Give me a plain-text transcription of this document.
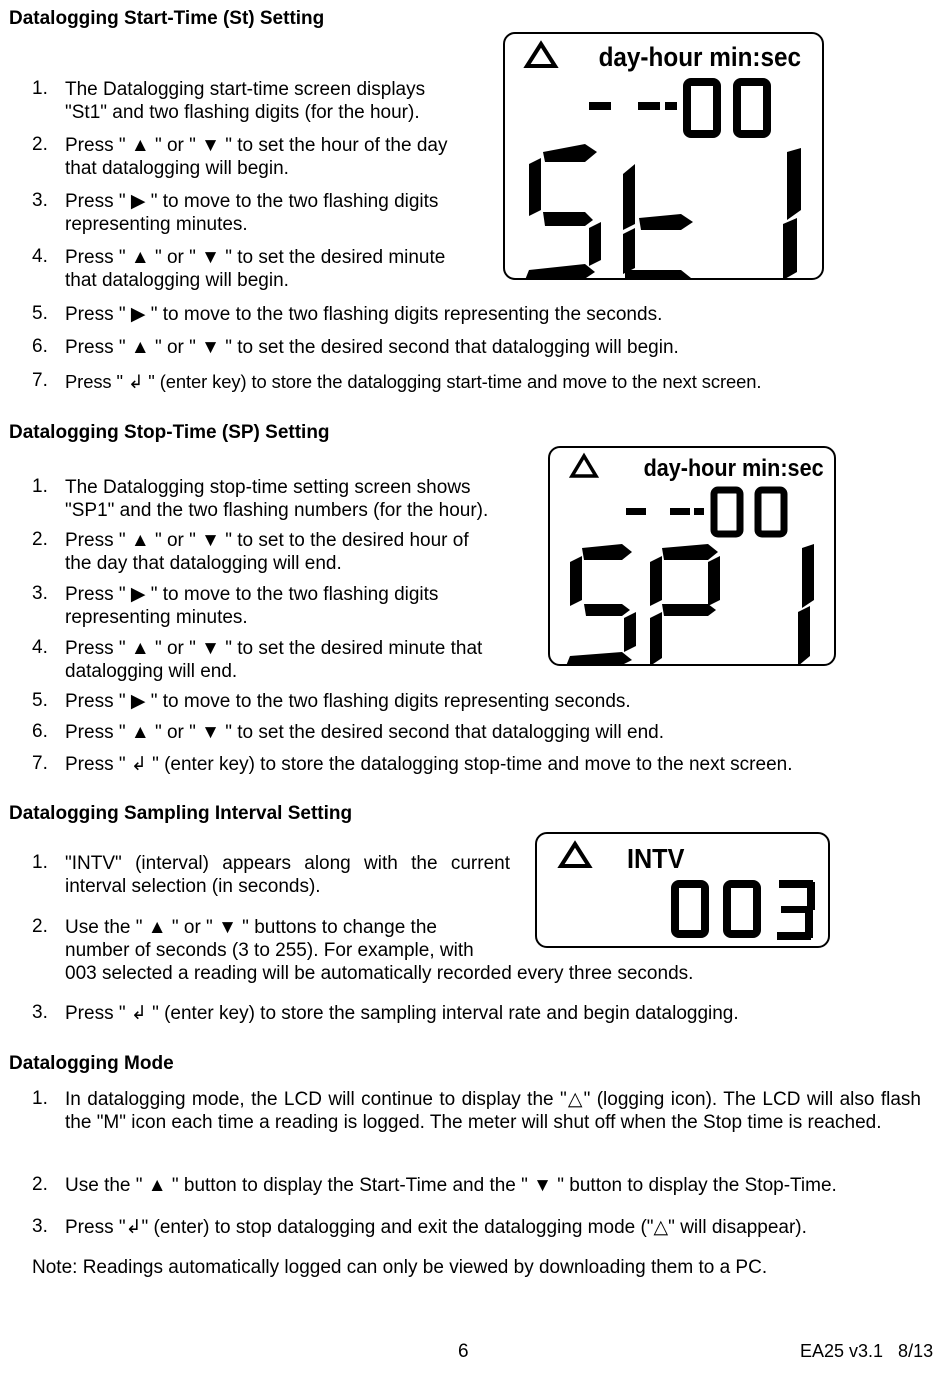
Datalogging Start-Time (St) Setting
1. The Datalogging start-time screen displays
"St1" and two flashing digits (for the hour).
2. Press " ▲ " or " ▼ " to set the hour of the day
that datalogging will begin.
3. Press " ▶ " to move to the two flashing digits
representing minutes.
4. Press " ▲ " or " ▼ " to set the desired minute
that datalogging will begin.
5. Press " ▶ " to move to the two flashing digits representing the seconds.
6. Press " ▲ " or " ▼ " to set the desired second that datalogging will begin.
7. Press " ↲ " (enter key) to store the datalogging start-time and move to the next screen.
day-hour min:sec
Datalogging Stop-Time (SP) Setting
1. The Datalogging stop-time setting screen shows
"SP1" and the two flashing numbers (for the hour).
2. Press " ▲ " or " ▼ " to set to the desired hour of
the day that datalogging will end.
3. Press " ▶ " to move to the two flashing digits
representing minutes.
4. Press " ▲ " or " ▼ " to set the desired minute that
datalogging will end.
5. Press " ▶ " to move to the two flashing digits representing seconds.
6. Press " ▲ " or " ▼ " to set the desired second that datalogging will end.
7. Press " ↲ " (enter key) to store the datalogging stop-time and move to the next screen.
day-hour min:sec
Datalogging Sampling Interval Setting
1. "INTV" (interval) appears along with the current
interval selection (in seconds).
2. Use the " ▲ " or " ▼ " buttons to change the
number of seconds (3 to 255). For example, with
003 selected a reading will be automatically recorded every three seconds.
3. Press " ↲ " (enter key) to store the sampling interval rate and begin datalogging.
INTV
Datalogging Mode
1. In datalogging mode, the LCD will continue to display the "△" (logging icon). The LCD will also flash the "M" icon each time a reading is logged. The meter will shut off when the Stop time is reached.
2. Use the " ▲ " button to display the Start-Time and the " ▼ " button to display the Stop-Time.
3. Press "↲" (enter) to stop datalogging and exit the datalogging mode ("△" will disappear).
Note: Readings automatically logged can only be viewed by downloading them to a PC.
6	EA25 v3.1   8/13
